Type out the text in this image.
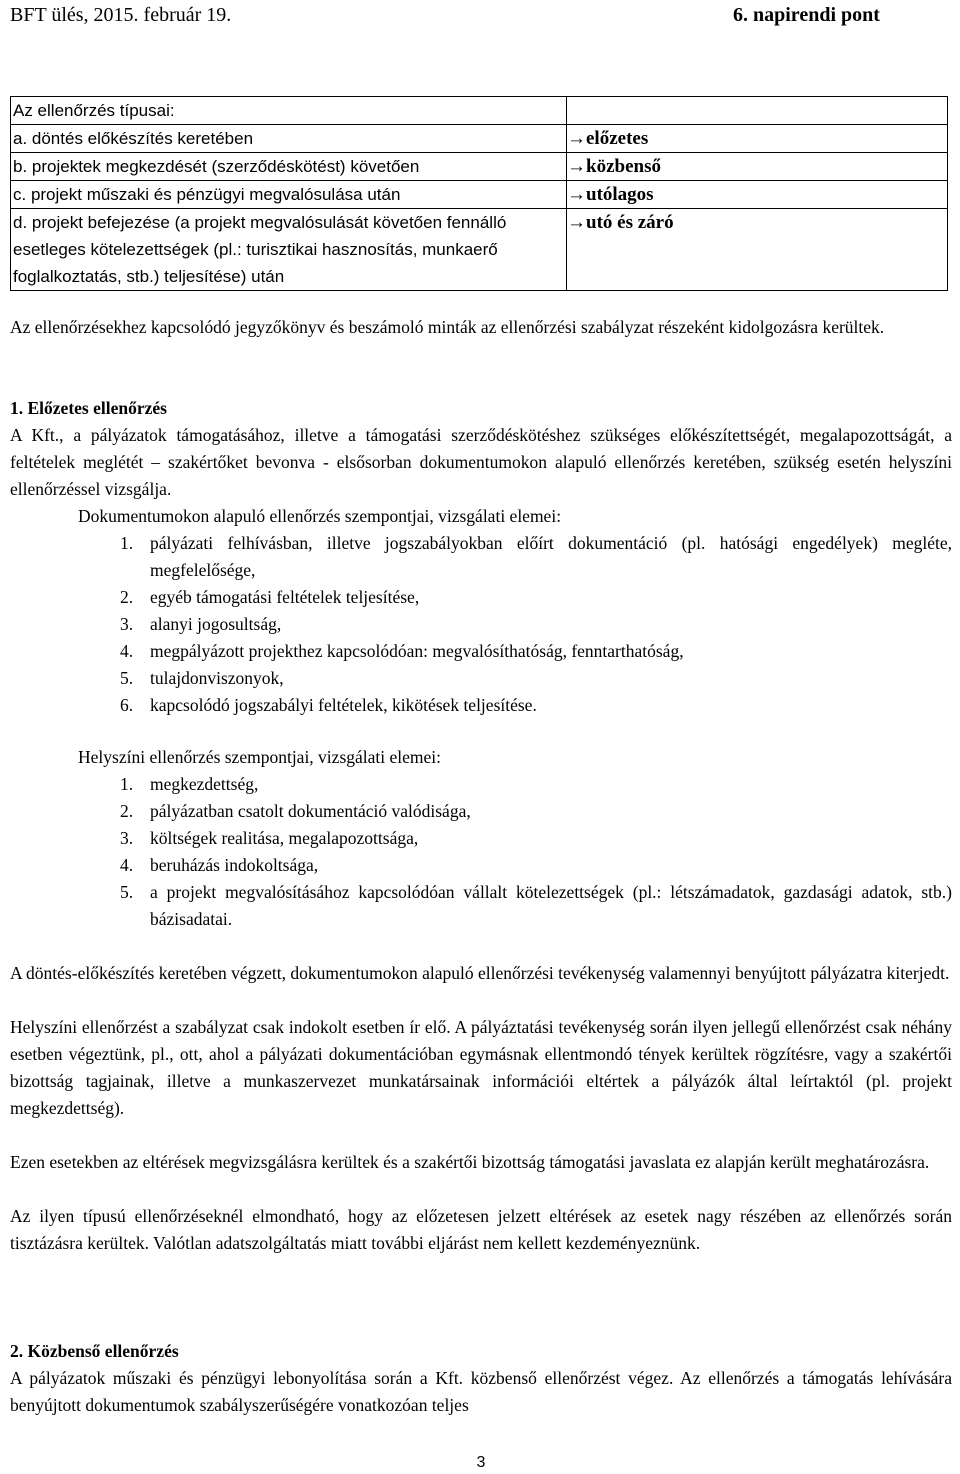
BFT ülés, 2015. február 19.	6. napirendi pont
Az ellenőrzés típusai:	
a. döntés előkészítés keretében	→előzetes
b. projektek megkezdését (szerződéskötést) követően	→közbenső
c. projekt műszaki és pénzügyi megvalósulása után	→utólagos
d. projekt befejezése (a projekt megvalósulását követően fennálló esetleges kötelezettségek (pl.: turisztikai hasznosítás, munkaerő foglalkoztatás, stb.) teljesítése) után	→utó és záró
Az ellenőrzésekhez kapcsolódó jegyzőkönyv és beszámoló minták az ellenőrzési szabályzat részeként kidolgozásra kerültek.
1. Előzetes ellenőrzés
A Kft., a pályázatok támogatásához, illetve a támogatási szerződéskötéshez szükséges előkészítettségét, megalapozottságát, a feltételek meglétét – szakértőket bevonva - elsősorban dokumentumokon alapuló ellenőrzés keretében, szükség esetén helyszíni ellenőrzéssel vizsgálja.
Dokumentumokon alapuló ellenőrzés szempontjai, vizsgálati elemei:
1. pályázati felhívásban, illetve jogszabályokban előírt dokumentáció (pl. hatósági engedélyek) megléte, megfelelősége,
2. egyéb támogatási feltételek teljesítése,
3. alanyi jogosultság,
4. megpályázott projekthez kapcsolódóan: megvalósíthatóság, fenntarthatóság,
5. tulajdonviszonyok,
6. kapcsolódó jogszabályi feltételek, kikötések teljesítése.
Helyszíni ellenőrzés szempontjai, vizsgálati elemei:
1. megkezdettség,
2. pályázatban csatolt dokumentáció valódisága,
3. költségek realitása, megalapozottsága,
4. beruházás indokoltsága,
5. a projekt megvalósításához kapcsolódóan vállalt kötelezettségek (pl.: létszámadatok, gazdasági adatok, stb.) bázisadatai.
A döntés-előkészítés keretében végzett, dokumentumokon alapuló ellenőrzési tevékenység valamennyi benyújtott pályázatra kiterjedt.
Helyszíni ellenőrzést a szabályzat csak indokolt esetben ír elő. A pályáztatási tevékenység során ilyen jellegű ellenőrzést csak néhány esetben végeztünk, pl., ott, ahol a pályázati dokumentációban egymásnak ellentmondó tények kerültek rögzítésre, vagy a szakértői bizottság tagjainak, illetve a munkaszervezet munkatársainak információi eltértek a pályázók által leírtaktól (pl. projekt megkezdettség).
Ezen esetekben az eltérések megvizsgálásra kerültek és a szakértői bizottság támogatási javaslata ez alapján került meghatározásra.
Az ilyen típusú ellenőrzéseknél elmondható, hogy az előzetesen jelzett eltérések az esetek nagy részében az ellenőrzés során tisztázásra kerültek. Valótlan adatszolgáltatás miatt további eljárást nem kellett kezdeményeznünk.
2. Közbenső ellenőrzés
A pályázatok műszaki és pénzügyi lebonyolítása során a Kft. közbenső ellenőrzést végez. Az ellenőrzés a támogatás lehívására benyújtott dokumentumok szabályszerűségére vonatkozóan teljes
3
